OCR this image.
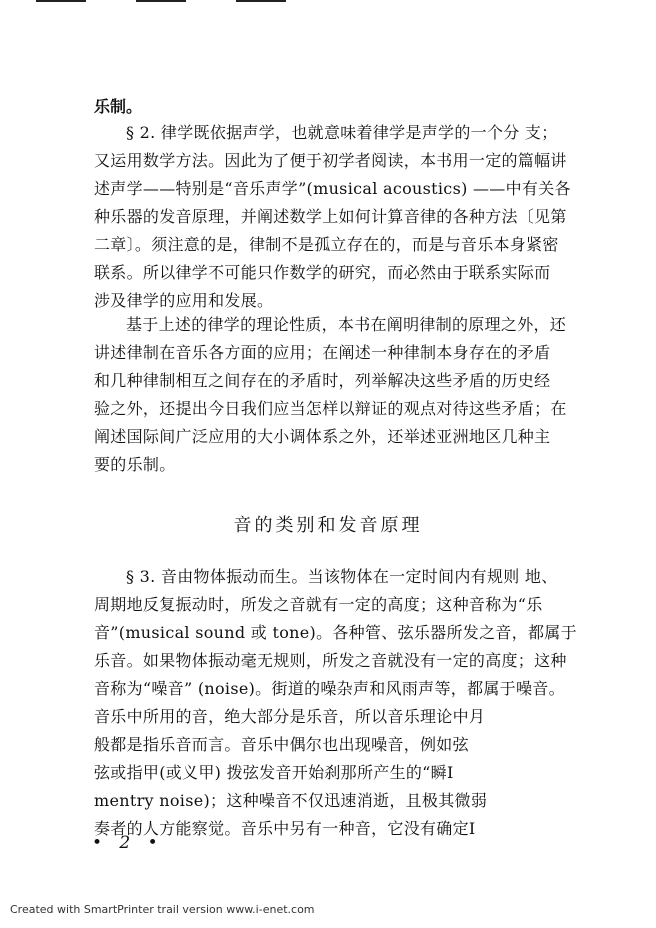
乐制。
§ 2. 律学既依据声学，也就意味着律学是声学的一个分 支；
又运用数学方法。因此为了便于初学者阅读，本书用一定的篇幅讲
述声学——特别是“音乐声学”(musical acoustics) ——中有关各
种乐器的发音原理，并阐述数学上如何计算音律的各种方法〔见第
二章〕。须注意的是，律制不是孤立存在的，而是与音乐本身紧密
联系。所以律学不可能只作数学的研究，而必然由于联系实际而
涉及律学的应用和发展。
基于上述的律学的理论性质，本书在阐明律制的原理之外，还
讲述律制在音乐各方面的应用；在阐述一种律制本身存在的矛盾
和几种律制相互之间存在的矛盾时，列举解决这些矛盾的历史经
验之外，还提出今日我们应当怎样以辩证的观点对待这些矛盾；在
阐述国际间广泛应用的大小调体系之外，还举述亚洲地区几种主
要的乐制。
音的类别和发音原理
§ 3. 音由物体振动而生。当该物体在一定时间内有规则 地、
周期地反复振动时，所发之音就有一定的高度；这种音称为“乐
音”(musical sound 或 tone)。各种管、弦乐器所发之音，都属于
乐音。如果物体振动毫无规则，所发之音就没有一定的高度；这种
音称为“噪音” (noise)。街道的噪杂声和风雨声等，都属于噪音。
音乐中所用的音，绝大部分是乐音，所以音乐理论中月
般都是指乐音而言。音乐中偶尔也出现噪音，例如弦
弦或指甲(或义甲) 拨弦发音开始刹那所产生的“瞬I
mentry noise)；这种噪音不仅迅速消逝，且极其微弱
奏者的人方能察觉。音乐中另有一种音，它没有确定I
• 2 •
Created with SmartPrinter trail version www.i-enet.com
